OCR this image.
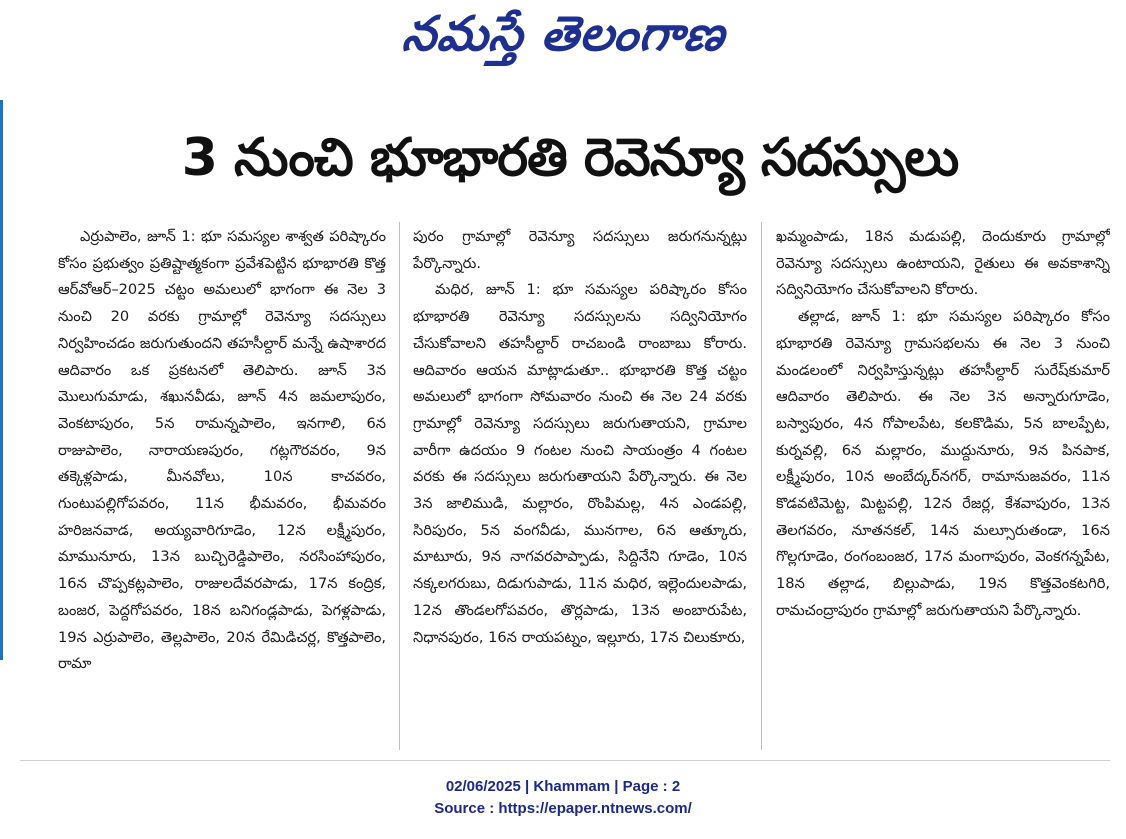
నమస్తే తెలంగాణ
3 నుంచి భూభారతి రెవెన్యూ సదస్సులు

ఎర్రుపాలెం, జూన్ 1: భూ సమస్యల శాశ్వత పరిష్కారం కోసం ప్రభుత్వం ప్రతిష్టాత్మకంగా ప్రవేశపెట్టిన భూభారతి కొత్త ఆర్‌వోఆర్–2025 చట్టం అమలులో భాగంగా ఈ నెల 3 నుంచి 20 వరకు గ్రామాల్లో రెవెన్యూ సదస్సులు నిర్వహించడం జరుగుతుందని తహసీల్దార్ మన్నే ఉషాశారద ఆదివారం ఒక ప్రకటనలో తెలిపారు. జూన్ 3న మొలుగుమాడు, శఖునవీడు, జూన్ 4న జమలాపురం, వెంకటాపురం, 5న రామన్నపాలెం, ఇనగాలి, 6న రాజుపాలెం, నారాయణపురం, గట్లగౌరవరం, 9న తక్కెళ్లపాడు, మీనవోలు, 10న కాచవరం, గుంటుపల్లిగోపవరం, 11న భీమవరం, భీమవరం హరిజనవాడ, అయ్యవారిగూడెం, 12న లక్ష్మీపురం, మామునూరు, 13న బుచ్చిరెడ్డిపాలెం, నరసింహాపురం, 16న చొప్పకట్లపాలెం, రాజులదేవరపాడు, 17న కంద్రిక, బంజర, పెద్దగోపవరం, 18న బనిగండ్లపాడు, పెగళ్లపాడు, 19న ఎర్రుపాలెం, తెల్లపాలెం, 20న రేమిడిచర్ల, కొత్తపాలెం, రామా

పురం గ్రామాల్లో రెవెన్యూ సదస్సులు జరుగనున్నట్లు పేర్కొన్నారు.

మధిర, జూన్ 1: భూ సమస్యల పరిష్కారం కోసం భూభారతి రెవెన్యూ సదస్సులను సద్వినియోగం చేసుకోవాలని తహసీల్దార్ రాచబండి రాంబాబు కోరారు. ఆదివారం ఆయన మాట్లాడుతూ.. భూభారతి కొత్త చట్టం అమలులో భాగంగా సోమవారం నుంచి ఈ నెల 24 వరకు గ్రామాల్లో రెవెన్యూ సదస్సులు జరుగుతాయని, గ్రామాల వారీగా ఉదయం 9 గంటల నుంచి సాయంత్రం 4 గంటల వరకు ఈ సదస్సులు జరుగుతాయని పేర్కొన్నారు. ఈ నెల 3న జాలిముడి, మల్లారం, రొంపిమల్ల, 4న ఎండపల్లి, సిరిపురం, 5న వంగవీడు, మునగాల, 6న ఆత్కూరు, మాటూరు, 9న నాగవరపాప్పాడు, సిద్దినేని గూడెం, 10న నక్కలగరుబు, దిడుగుపాడు, 11న మధిర, ఇల్లెందులపాడు, 12న తొండలగోపవరం, తొర్లపాడు, 13న అంబారుపేట, నిధానపురం, 16న రాయపట్నం, ఇల్లూరు, 17న చిలుకూరు,

ఖమ్మంపాడు, 18న మడుపల్లి, దెందుకూరు గ్రామాల్లో రెవెన్యూ సదస్సులు ఉంటాయని, రైతులు ఈ అవకాశాన్ని సద్వినియోగం చేసుకోవాలని కోరారు.

తల్లాడ, జూన్ 1: భూ సమస్యల పరిష్కారం కోసం భూభారతి రెవెన్యూ గ్రామసభలను ఈ నెల 3 నుంచి మండలంలో నిర్వహిస్తున్నట్లు తహసీల్దార్ సురేష్‌కుమార్ ఆదివారం తెలిపారు. ఈ నెల 3న అన్నారుగూడెం, బస్వాపురం, 4న గోపాలపేట, కలకొడిమ, 5న బాలప్పేట, కుర్నవల్లి, 6న మల్లారం, ముద్దునూరు, 9న పినపాక, లక్ష్మీపురం, 10న అంబేద్కర్‌నగర్, రామానుజవరం, 11న కొడవటిమెట్ట, మిట్టపల్లి, 12న రేజర్ల, కేశవాపురం, 13న తెలగవరం, నూతనకల్, 14న మల్సూరుతండా, 16న గొల్లగూడెం, రంగంబంజర, 17న మంగాపురం, వెంకగన్నపేట, 18న తల్లాడ, బిల్లుపాడు, 19న కొత్తవెంకటగిరి, రామచంద్రాపురం గ్రామాల్లో జరుగుతాయని పేర్కొన్నారు.

02/06/2025 | Khammam | Page : 2
Source : https://epaper.ntnews.com/
